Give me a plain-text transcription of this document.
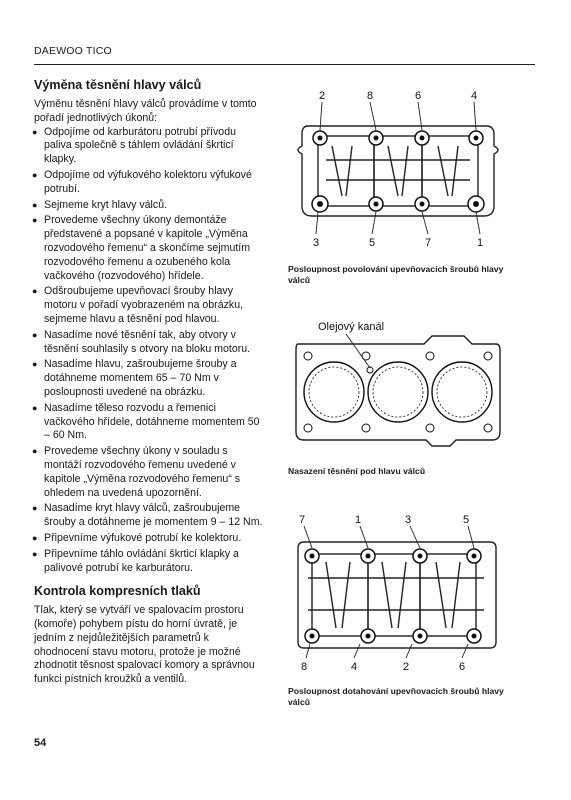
DAEWOO TICO
Výměna těsnění hlavy válců

Výměnu těsnění hlavy válců provádíme v tomto pořadí jednotlivých úkonů:

● Odpojíme od karburátoru potrubí přívodu paliva společně s táhlem ovládání škrticí klapky.
● Odpojíme od výfukového kolektoru výfukové potrubí.
● Sejmeme kryt hlavy válců.
● Provedeme všechny úkony demontáže představené a popsané v kapitole „Výměna rozvodového řemenu“ a skončíme sejmutím rozvodového řemenu a ozubeného kola vačkového (rozvodového) hřídele.
● Odšroubujeme upevňovací šrouby hlavy motoru v pořadí vyobrazeném na obrázku, sejmeme hlavu a těsnění pod hlavou.
● Nasadíme nové těsnění tak, aby otvory v těsnění souhlasily s otvory na bloku motoru.
● Nasadíme hlavu, zašroubujeme šrouby a dotáhneme momentem 65 – 70 Nm v posloupnosti uvedené na obrázku.
● Nasadíme těleso rozvodu a řemenici vačkového hřídele, dotáhneme momentem 50 – 60 Nm.
● Provedeme všechny úkony v souladu s montáží rozvodového řemenu uvedené v kapitole „Výměna rozvodového řemenu“ s ohledem na uvedená upozornění.
● Nasadíme kryt hlavy válců, zašroubujeme šrouby a dotáhneme je momentem 9 – 12 Nm.
● Připevníme výfukové potrubí ke kolektoru.
● Připevníme táhlo ovládání škrticí klapky a palivové potrubí ke karburátoru.
Kontrola kompresních tlaků

Tlak, který se vytváří ve spalovacím prostoru (komoře) pohybem pístu do horní úvratě, je jedním z nejdůležitějších parametrů k ohodnocení stavu motoru, protože je možné zhodnotit těsnost spalovací komory a správnou funkci pístních kroužků a ventilů.

2	8	6	4
3	5	7	1
Posloupnost povolování upevňovacích šroubů hlavy válců
Olejový kanál
Nasazení těsnění pod hlavu válců
7	1	3	5
8	4	2	6
Posloupnost dotahování upevňovacích šroubů hlavy válců
54
